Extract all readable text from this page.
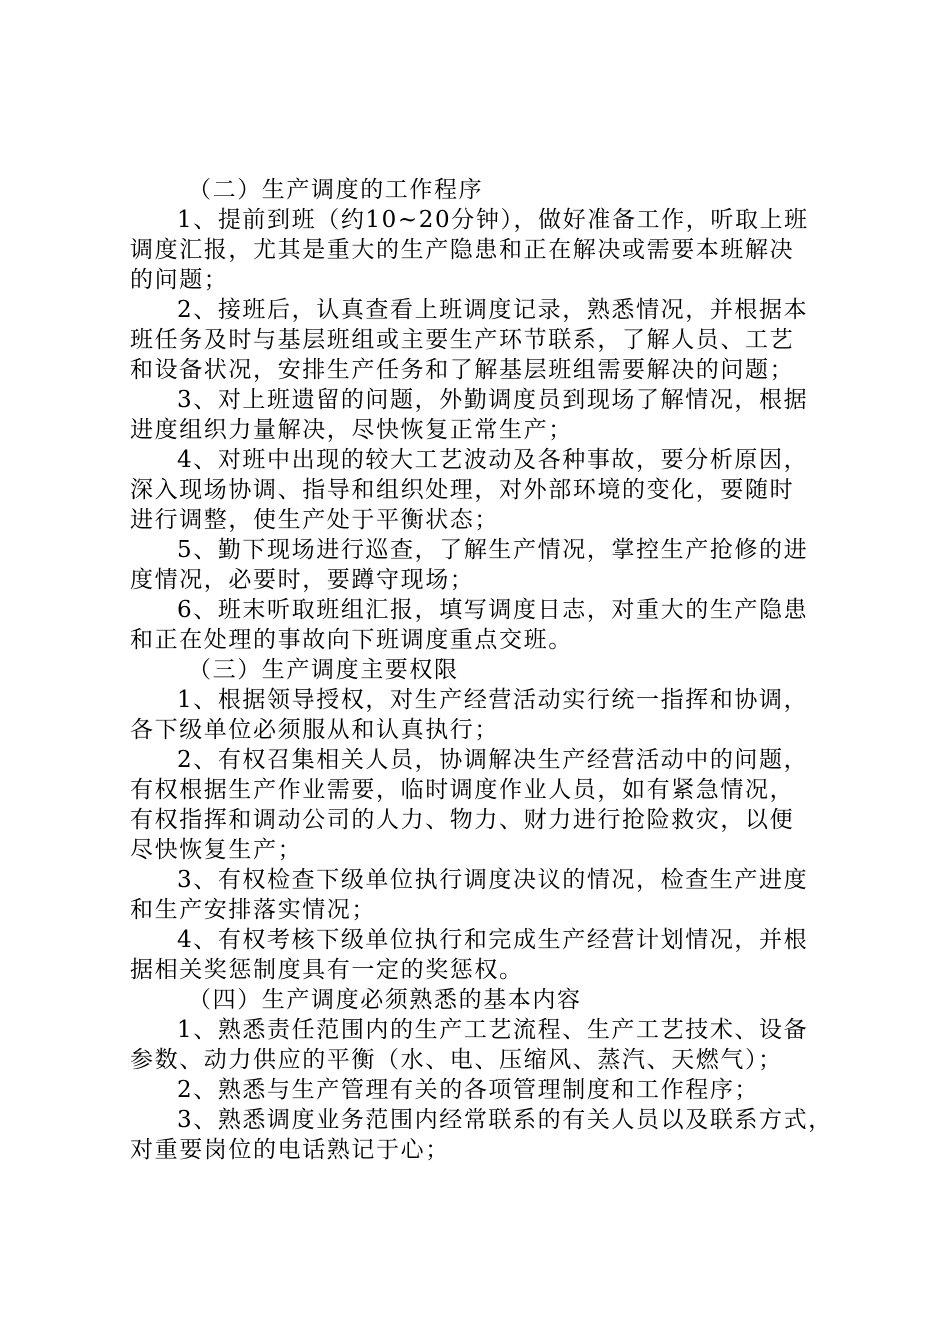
（二）生产调度的工作程序
1、提前到班（约10~20分钟），做好准备工作，听取上班
调度汇报，尤其是重大的生产隐患和正在解决或需要本班解决
的问题；
2、接班后，认真查看上班调度记录，熟悉情况，并根据本
班任务及时与基层班组或主要生产环节联系，了解人员、工艺
和设备状况，安排生产任务和了解基层班组需要解决的问题；
3、对上班遗留的问题，外勤调度员到现场了解情况，根据
进度组织力量解决，尽快恢复正常生产；
4、对班中出现的较大工艺波动及各种事故，要分析原因，
深入现场协调、指导和组织处理，对外部环境的变化，要随时
进行调整，使生产处于平衡状态；
5、勤下现场进行巡查，了解生产情况，掌控生产抢修的进
度情况，必要时，要蹲守现场；
6、班末听取班组汇报，填写调度日志，对重大的生产隐患
和正在处理的事故向下班调度重点交班。
（三）生产调度主要权限
1、根据领导授权，对生产经营活动实行统一指挥和协调，
各下级单位必须服从和认真执行；
2、有权召集相关人员，协调解决生产经营活动中的问题，
有权根据生产作业需要，临时调度作业人员，如有紧急情况，
有权指挥和调动公司的人力、物力、财力进行抢险救灾，以便
尽快恢复生产；
3、有权检查下级单位执行调度决议的情况，检查生产进度
和生产安排落实情况；
4、有权考核下级单位执行和完成生产经营计划情况，并根
据相关奖惩制度具有一定的奖惩权。
（四）生产调度必须熟悉的基本内容
1、熟悉责任范围内的生产工艺流程、生产工艺技术、设备
参数、动力供应的平衡（水、电、压缩风、蒸汽、天燃气）；
2、熟悉与生产管理有关的各项管理制度和工作程序；
3、熟悉调度业务范围内经常联系的有关人员以及联系方式，
对重要岗位的电话熟记于心；
